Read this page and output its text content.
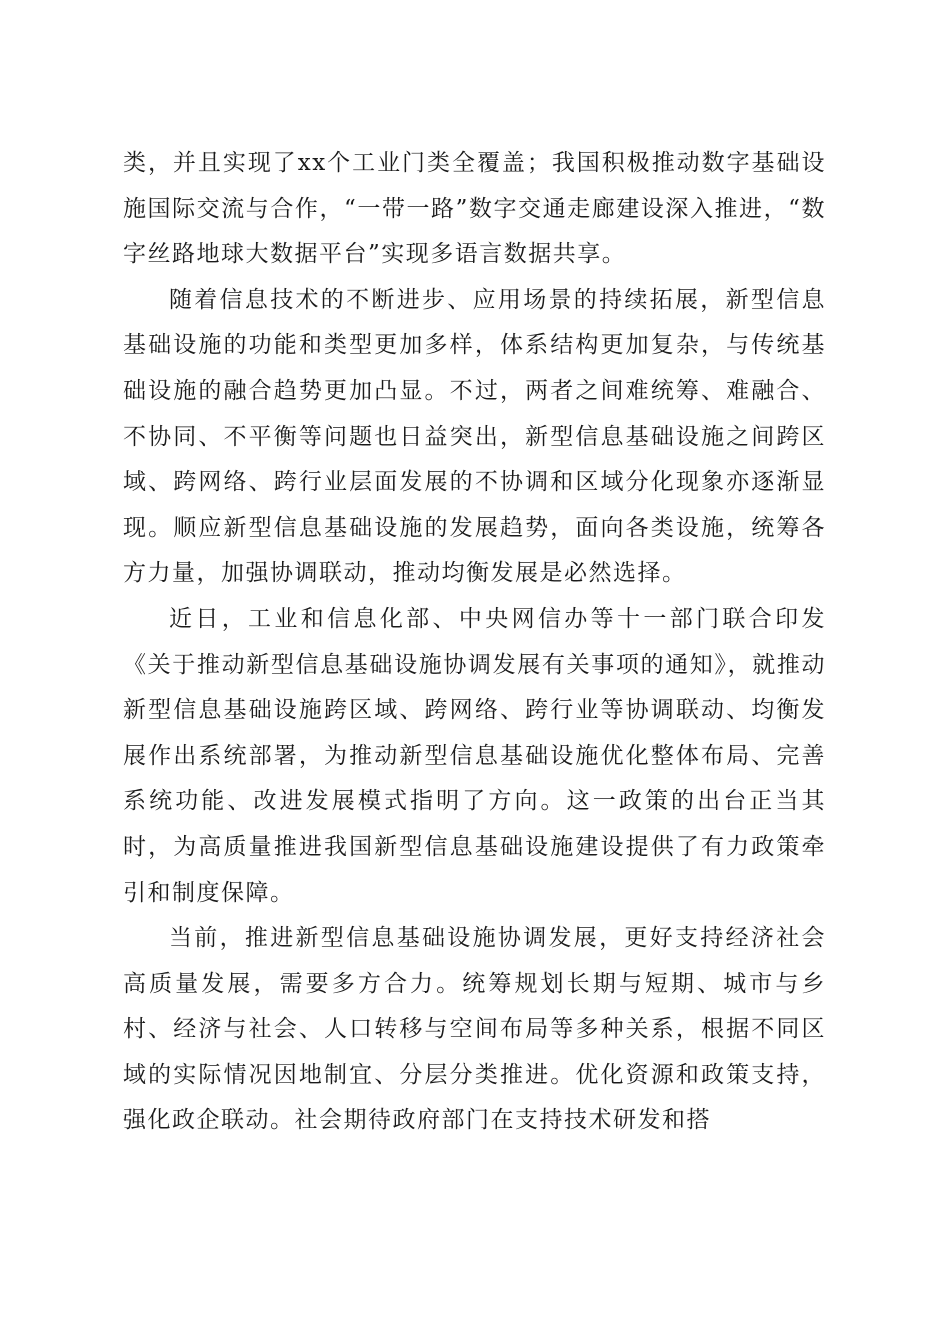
类，并且实现了xx个工业门类全覆盖；我国积极推动数字基础设施国际交流与合作，“一带一路”数字交通走廊建设深入推进，“数字丝路地球大数据平台”实现多语言数据共享。

随着信息技术的不断进步、应用场景的持续拓展，新型信息基础设施的功能和类型更加多样，体系结构更加复杂，与传统基础设施的融合趋势更加凸显。不过，两者之间难统筹、难融合、不协同、不平衡等问题也日益突出，新型信息基础设施之间跨区域、跨网络、跨行业层面发展的不协调和区域分化现象亦逐渐显现。顺应新型信息基础设施的发展趋势，面向各类设施，统筹各方力量，加强协调联动，推动均衡发展是必然选择。

近日，工业和信息化部、中央网信办等十一部门联合印发《关于推动新型信息基础设施协调发展有关事项的通知》，就推动新型信息基础设施跨区域、跨网络、跨行业等协调联动、均衡发展作出系统部署，为推动新型信息基础设施优化整体布局、完善系统功能、改进发展模式指明了方向。这一政策的出台正当其时，为高质量推进我国新型信息基础设施建设提供了有力政策牵引和制度保障。

当前，推进新型信息基础设施协调发展，更好支持经济社会高质量发展，需要多方合力。统筹规划长期与短期、城市与乡村、经济与社会、人口转移与空间布局等多种关系，根据不同区域的实际情况因地制宜、分层分类推进。优化资源和政策支持，强化政企联动。社会期待政府部门在支持技术研发和搭
